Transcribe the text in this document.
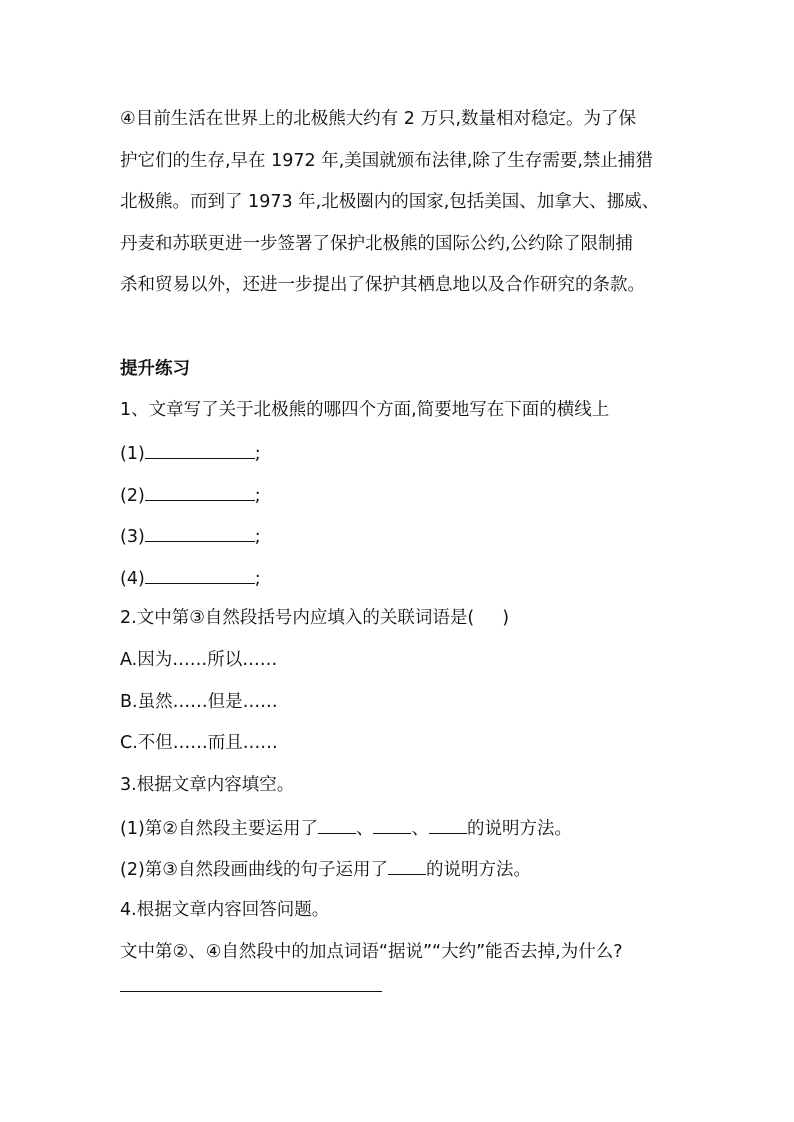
④目前生活在世界上的北极熊大约有 2 万只,数量相对稳定。为了保
护它们的生存,早在 1972 年,美国就颁布法律,除了生存需要,禁止捕猎
北极熊。而到了 1973 年,北极圈内的国家,包括美国、加拿大、挪威、
丹麦和苏联更进一步签署了保护北极熊的国际公约,公约除了限制捕
杀和贸易以外，还进一步提出了保护其栖息地以及合作研究的条款。
提升练习
1、文章写了关于北极熊的哪四个方面,简要地写在下面的横线上
(1)	;
(2)	;
(3)	;
(4)	;
2.文中第③自然段括号内应填入的关联词语是( )
A.因为……所以……
B.虽然……但是……
C.不但……而且……
3.根据文章内容填空。
(1)第②自然段主要运用了 、 、 的说明方法。
(2)第③自然段画曲线的句子运用了 的说明方法。
4.根据文章内容回答问题。
文中第②、④自然段中的加点词语“据说”“大约”能否去掉,为什么?
